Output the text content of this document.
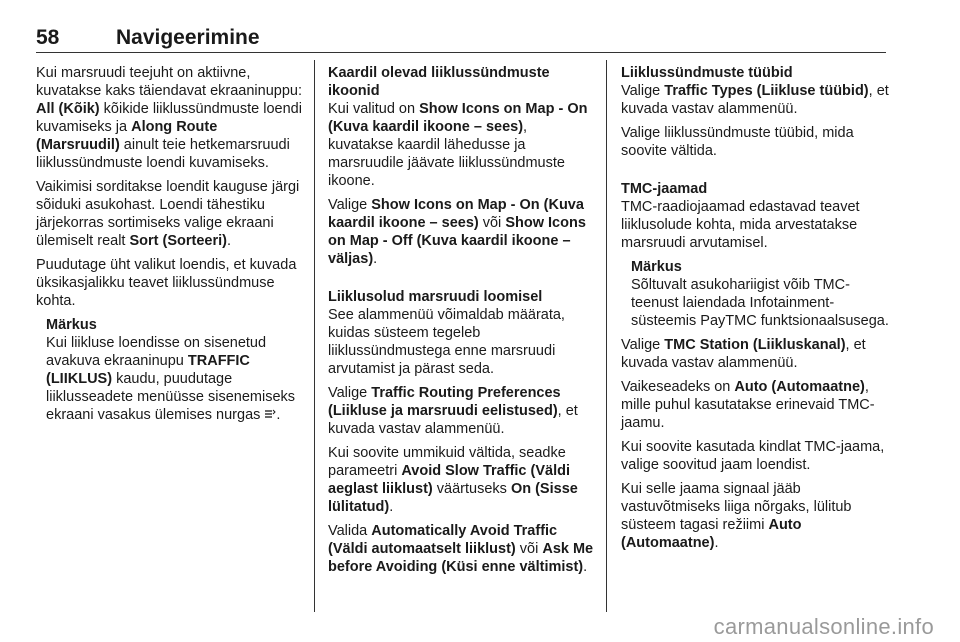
58	Navigeerimine

Kui marsruudi teejuht on aktiivne, kuvatakse kaks täiendavat ekraaninuppu: All (Kõik) kõikide liiklussündmuste loendi kuvamiseks ja Along Route (Marsruudil) ainult teie hetkemarsruudi liiklussündmuste loendi kuvamiseks.

Vaikimisi sorditakse loendit kauguse järgi sõiduki asukohast. Loendi tähestiku järjekorras sortimiseks valige ekraani ülemiselt realt Sort (Sorteeri).

Puudutage üht valikut loendis, et kuvada üksikasjalikku teavet liiklussündmuse kohta.

Märkus
Kui liikluse loendisse on sisenetud avakuva ekraaninupu TRAFFIC (LIIKLUS) kaudu, puudutage liiklusseadete menüüsse sisenemiseks ekraani vasakus ülemises nurgas .
Kaardil olevad liiklussündmuste ikoonid

Kui valitud on Show Icons on Map - On (Kuva kaardil ikoone – sees), kuvatakse kaardil lähedusse ja marsruudile jäävate liiklussündmuste ikoone.

Valige Show Icons on Map - On (Kuva kaardil ikoone – sees) või Show Icons on Map - Off (Kuva kaardil ikoone – väljas).

Liiklusolud marsruudi loomisel

See alammenüü võimaldab määrata, kuidas süsteem tegeleb liiklussündmustega enne marsruudi arvutamist ja pärast seda.

Valige Traffic Routing Preferences (Liikluse ja marsruudi eelistused), et kuvada vastav alammenüü.

Kui soovite ummikuid vältida, seadke parameetri Avoid Slow Traffic (Väldi aeglast liiklust) väärtuseks On (Sisse lülitatud).

Valida Automatically Avoid Traffic (Väldi automaatselt liiklust) või Ask Me before Avoiding (Küsi enne vältimist).

Liiklussündmuste tüübid

Valige Traffic Types (Liikluse tüübid), et kuvada vastav alammenüü.

Valige liiklussündmuste tüübid, mida soovite vältida.

TMC-jaamad

TMC-raadiojaamad edastavad teavet liiklusolude kohta, mida arvestatakse marsruudi arvutamisel.

Märkus
Sõltuvalt asukohariigist võib TMC-teenust laiendada Infotainment-süsteemis PayTMC funktsionaalsusega.

Valige TMC Station (Liikluskanal), et kuvada vastav alammenüü.

Vaikeseadeks on Auto (Automaatne), mille puhul kasutatakse erinevaid TMC-jaamu.

Kui soovite kasutada kindlat TMC-jaama, valige soovitud jaam loendist.

Kui selle jaama signaal jääb vastuvõtmiseks liiga nõrgaks, lülitub süsteem tagasi režiimi Auto (Automaatne).

carmanualsonline.info
